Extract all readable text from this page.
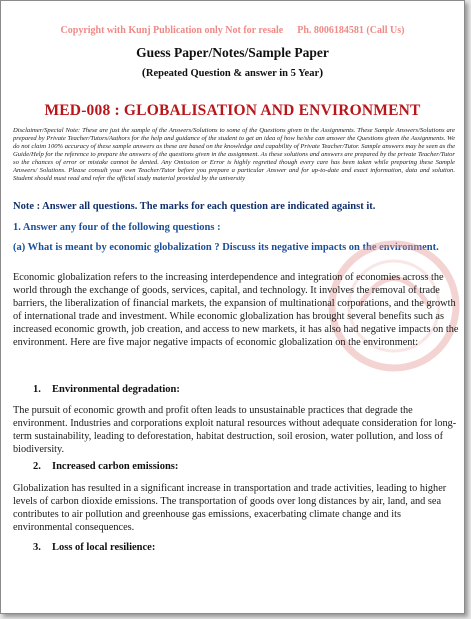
Copyright with Kunj Publication only Not for resale Ph. 8006184581 (Call Us)
Guess Paper/Notes/Sample Paper
(Repeated Question & answer in 5 Year)
MED-008 : GLOBALISATION AND ENVIRONMENT
Disclaimer/Special Note: These are just the sample of the Answers/Solutions to some of the Questions given in the Assignments. These Sample Answers/Solutions are prepared by Private Teacher/Tutors/Authors for the help and guidance of the student to get an idea of how he/she can answer the Questions given the Assignments. We do not claim 100% accuracy of these sample answers as these are based on the knowledge and capability of Private Teacher/Tutor. Sample answers may be seen as the Guide/Help for the reference to prepare the answers of the questions given in the assignment. As these solutions and answers are prepared by the private Teacher/Tutor so the chances of error or mistake cannot be denied. Any Omission or Error is highly regretted though every care has been taken while preparing these Sample Answers/ Solutions. Please consult your own Teacher/Tutor before you prepare a particular Answer and for up-to-date and exact information, data and solution. Student should must read and refer the official study material provided by the university
Note : Answer all questions. The marks for each question are indicated against it.
1. Answer any four of the following questions :
(a) What is meant by economic globalization ? Discuss its negative impacts on the environment.
Economic globalization refers to the increasing interdependence and integration of economies across the world through the exchange of goods, services, capital, and technology. It involves the removal of trade barriers, the liberalization of financial markets, the expansion of multinational corporations, and the growth of international trade and investment. While economic globalization has brought several benefits such as increased economic growth, job creation, and access to new markets, it has also had negative impacts on the environment. Here are five major negative impacts of economic globalization on the environment:
1. Environmental degradation:
The pursuit of economic growth and profit often leads to unsustainable practices that degrade the environment. Industries and corporations exploit natural resources without adequate consideration for long-term sustainability, leading to deforestation, habitat destruction, soil erosion, water pollution, and loss of biodiversity.
2. Increased carbon emissions:
Globalization has resulted in a significant increase in transportation and trade activities, leading to higher levels of carbon dioxide emissions. The transportation of goods over long distances by air, land, and sea contributes to air pollution and greenhouse gas emissions, exacerbating climate change and its environmental consequences.
3. Loss of local resilience:
